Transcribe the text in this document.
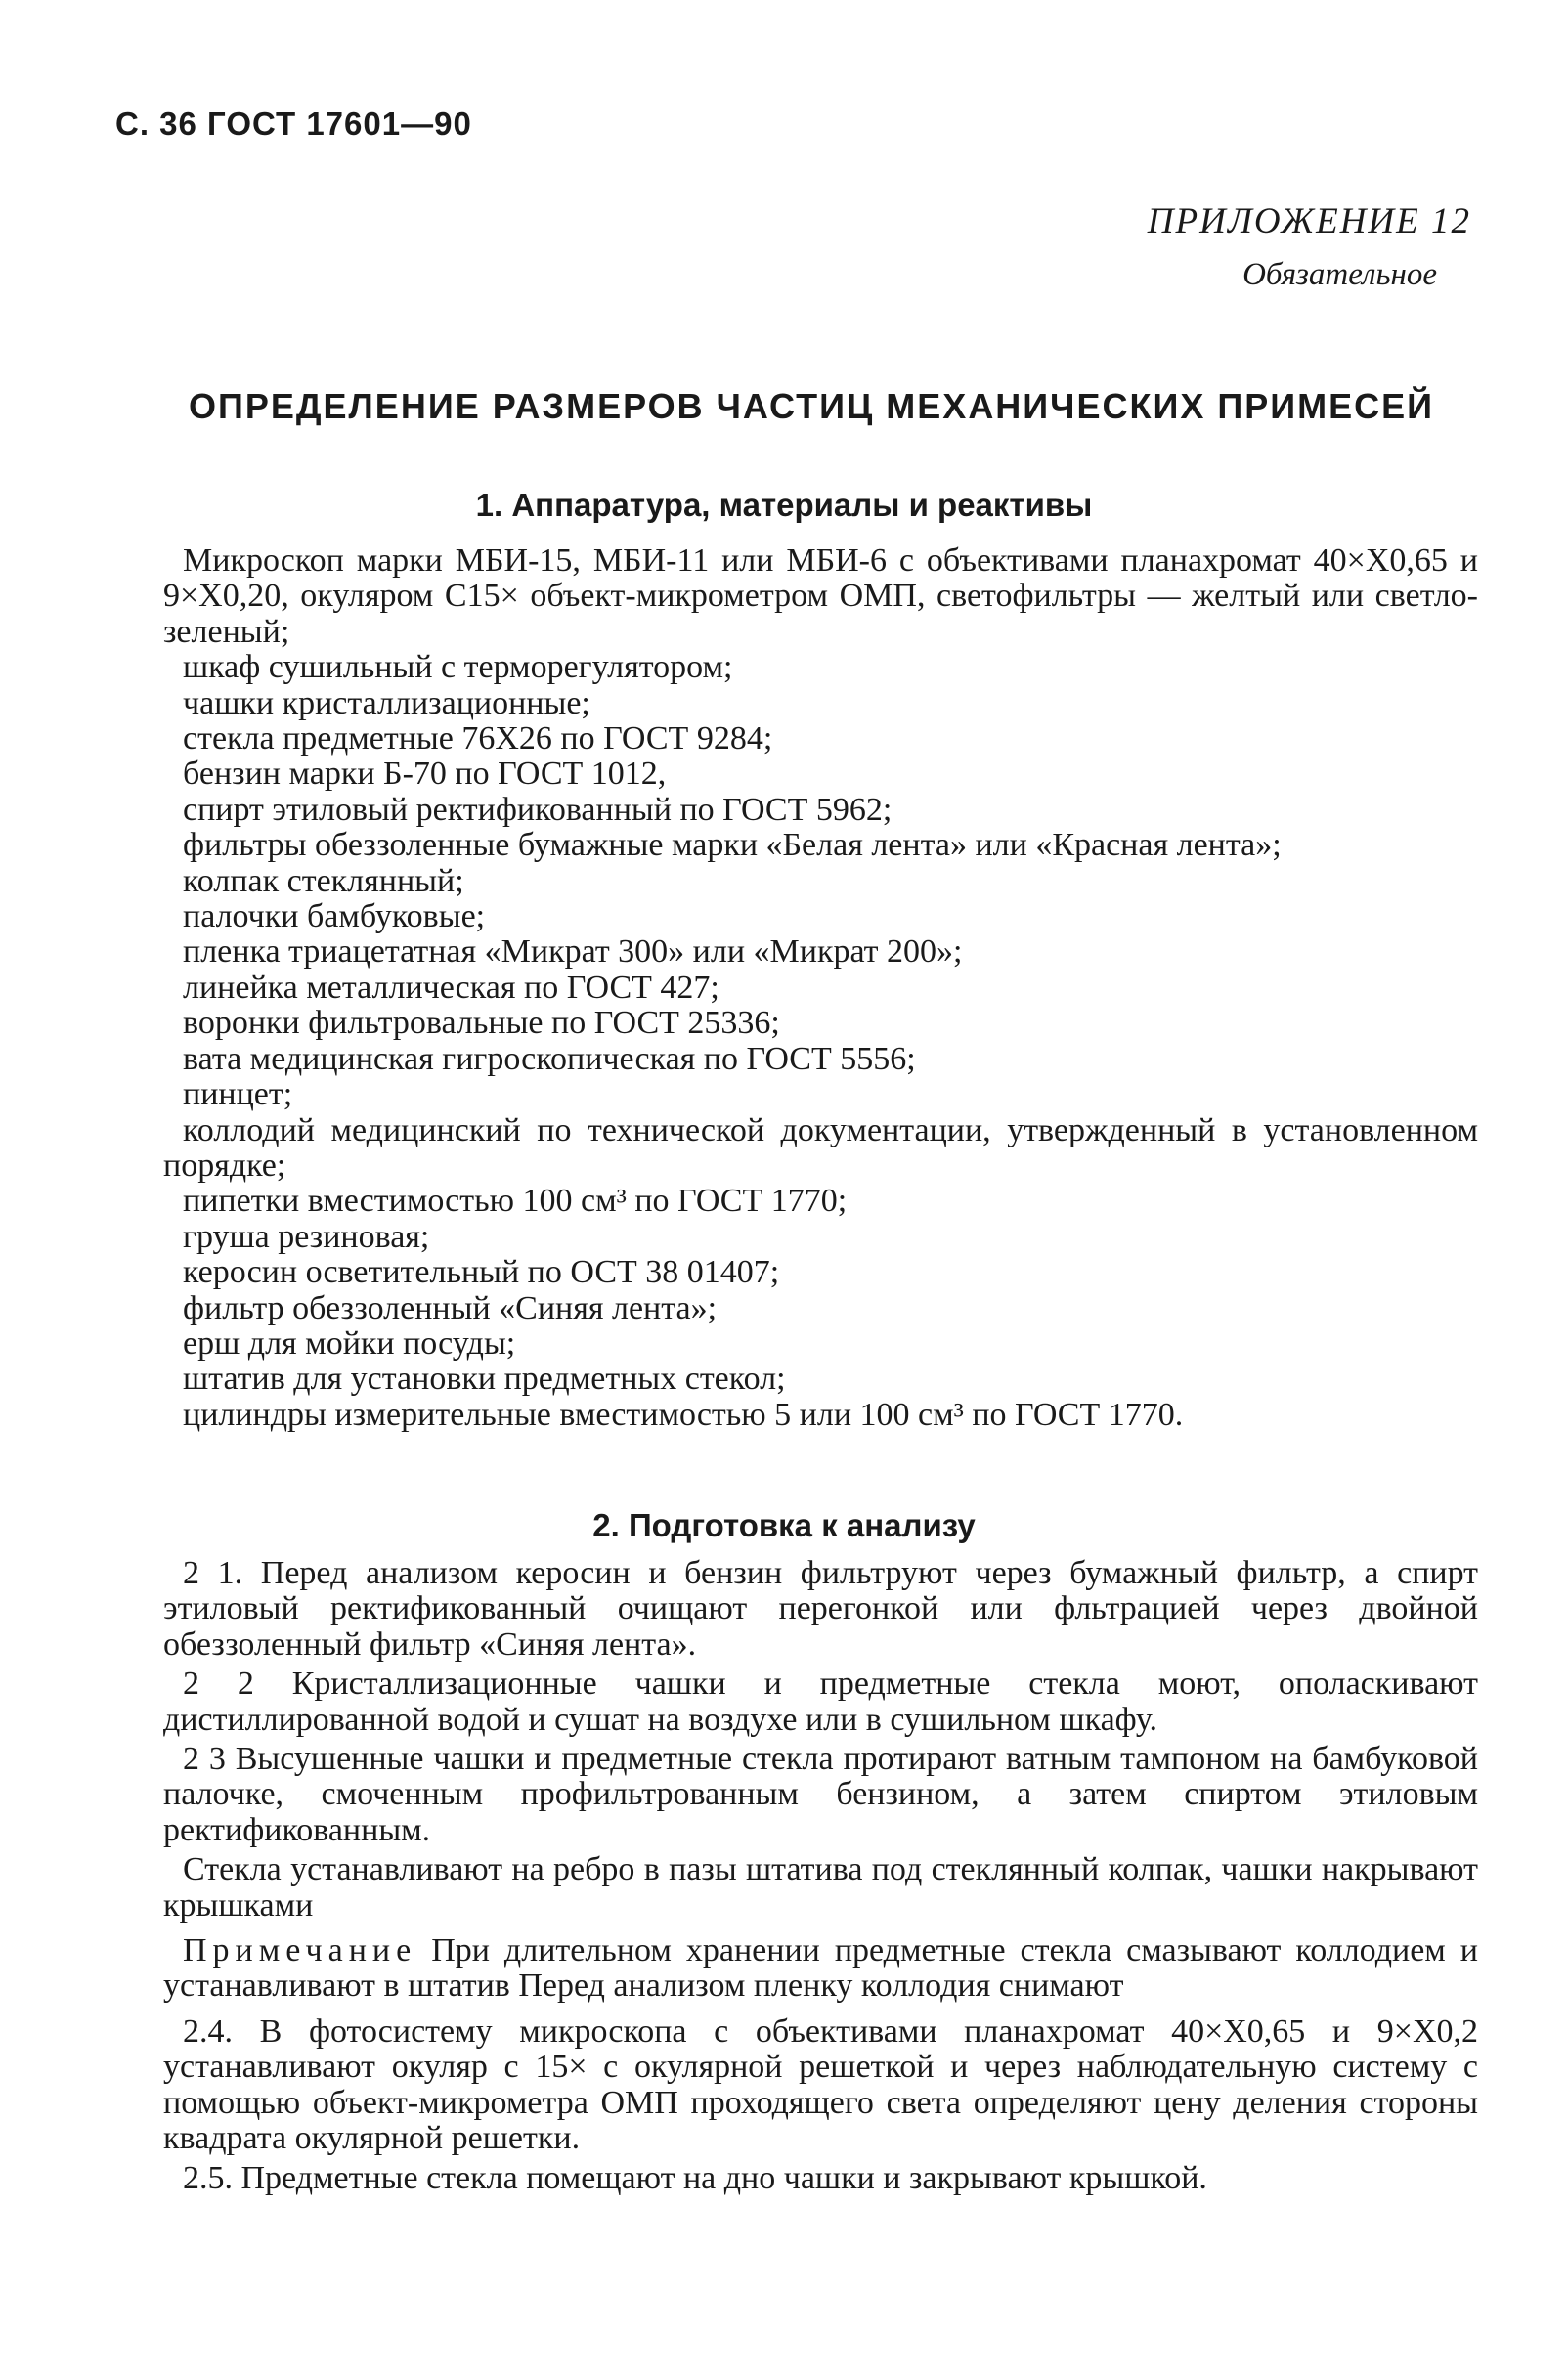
С. 36 ГОСТ 17601—90
ПРИЛОЖЕНИЕ 12
Обязательное
ОПРЕДЕЛЕНИЕ РАЗМЕРОВ ЧАСТИЦ МЕХАНИЧЕСКИХ ПРИМЕСЕЙ
1. Аппаратура, материалы и реактивы

Микроскоп марки МБИ-15, МБИ-11 или МБИ-6 с объективами планахромат 40×Х0,65 и 9×Х0,20, окуляром С15× объект-микрометром ОМП, светофильтры — желтый или светло-зеленый;

шкаф сушильный с терморегулятором;

чашки кристаллизационные;

стекла предметные 76Х26 по ГОСТ 9284;

бензин марки Б-70 по ГОСТ 1012,

спирт этиловый ректификованный по ГОСТ 5962;

фильтры обеззоленные бумажные марки «Белая лента» или «Красная лента»;

колпак стеклянный;

палочки бамбуковые;

пленка триацетатная «Микрат 300» или «Микрат 200»;

линейка металлическая по ГОСТ 427;

воронки фильтровальные по ГОСТ 25336;

вата медицинская гигроскопическая по ГОСТ 5556;

пинцет;

коллодий медицинский по технической документации, утвержденный в установленном порядке;

пипетки вместимостью 100 см³ по ГОСТ 1770;

груша резиновая;

керосин осветительный по ОСТ 38 01407;

фильтр обеззоленный «Синяя лента»;

ерш для мойки посуды;

штатив для установки предметных стекол;

цилиндры измерительные вместимостью 5 или 100 см³ по ГОСТ 1770.

2. Подготовка к анализу

2 1. Перед анализом керосин и бензин фильтруют через бумажный фильтр, а спирт этиловый ректификованный очищают перегонкой или фльтрацией через двойной обеззоленный фильтр «Синяя лента».

2 2 Кристаллизационные чашки и предметные стекла моют, ополаскивают дистиллированной водой и сушат на воздухе или в сушильном шкафу.

2 3 Высушенные чашки и предметные стекла протирают ватным тампоном на бамбуковой палочке, смоченным профильтрованным бензином, а затем спиртом этиловым ректификованным.

Стекла устанавливают на ребро в пазы штатива под стеклянный колпак, чашки накрывают крышками

Примечание При длительном хранении предметные стекла смазывают коллодием и устанавливают в штатив Перед анализом пленку коллодия снимают

2.4. В фотосистему микроскопа с объективами планахромат 40×Х0,65 и 9×Х0,2 устанавливают окуляр с 15× с окулярной решеткой и через наблюдательную систему с помощью объект-микрометра ОМП проходящего света определяют цену деления стороны квадрата окулярной решетки.

2.5. Предметные стекла помещают на дно чашки и закрывают крышкой.
